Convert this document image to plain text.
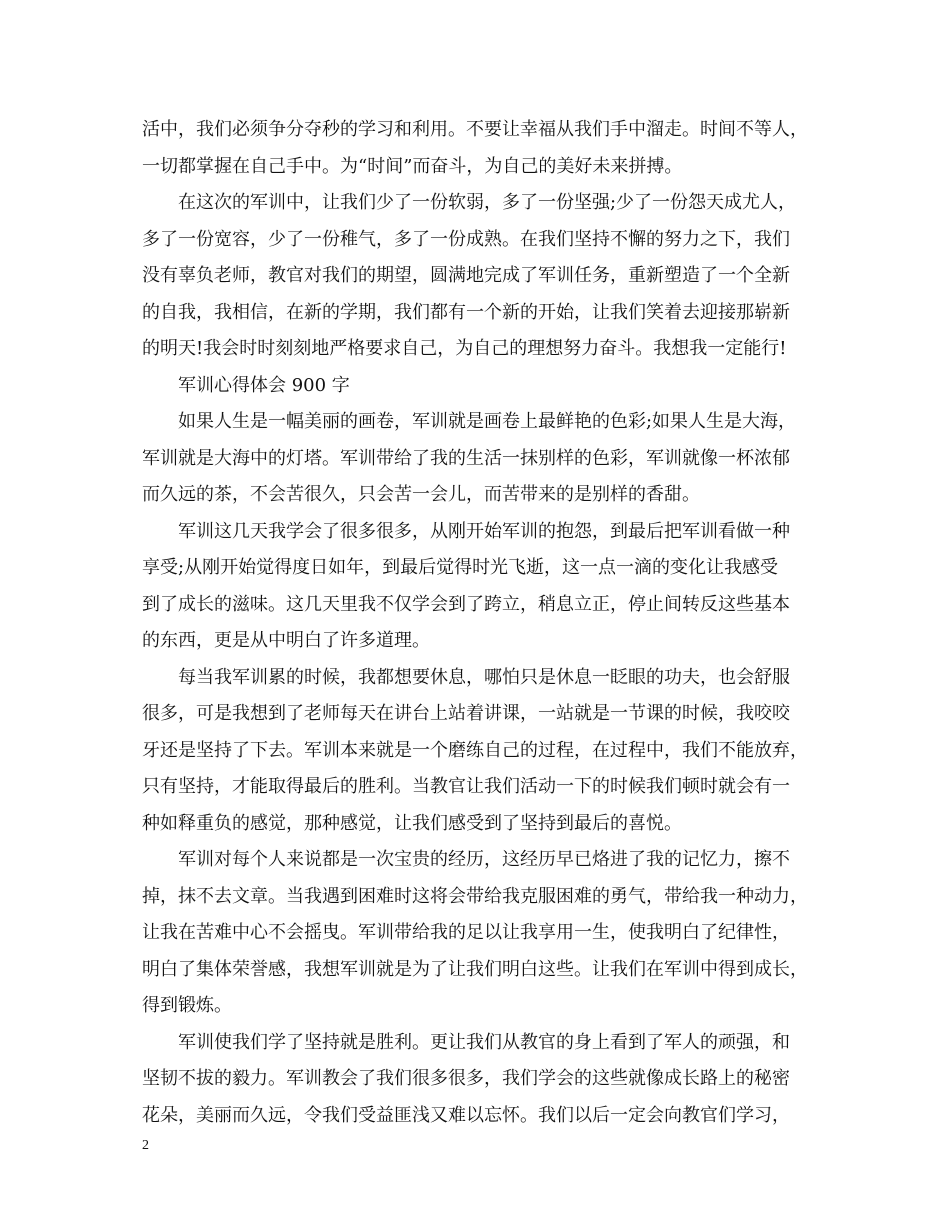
活中，我们必须争分夺秒的学习和利用。不要让幸福从我们手中溜走。时间不等人，
一切都掌握在自己手中。为“时间”而奋斗，为自己的美好未来拼搏。

在这次的军训中，让我们少了一份软弱，多了一份坚强;少了一份怨天成尤人，
多了一份宽容，少了一份稚气，多了一份成熟。在我们坚持不懈的努力之下，我们
没有辜负老师，教官对我们的期望，圆满地完成了军训任务，重新塑造了一个全新
的自我，我相信，在新的学期，我们都有一个新的开始，让我们笑着去迎接那崭新
的明天!我会时时刻刻地严格要求自己，为自己的理想努力奋斗。我想我一定能行!

军训心得体会 900 字

如果人生是一幅美丽的画卷，军训就是画卷上最鲜艳的色彩;如果人生是大海，
军训就是大海中的灯塔。军训带给了我的生活一抹别样的色彩，军训就像一杯浓郁
而久远的茶，不会苦很久，只会苦一会儿，而苦带来的是别样的香甜。

军训这几天我学会了很多很多，从刚开始军训的抱怨，到最后把军训看做一种
享受;从刚开始觉得度日如年，到最后觉得时光飞逝，这一点一滴的变化让我感受
到了成长的滋味。这几天里我不仅学会到了跨立，稍息立正，停止间转反这些基本
的东西，更是从中明白了许多道理。

每当我军训累的时候，我都想要休息，哪怕只是休息一眨眼的功夫，也会舒服
很多，可是我想到了老师每天在讲台上站着讲课，一站就是一节课的时候，我咬咬
牙还是坚持了下去。军训本来就是一个磨练自己的过程，在过程中，我们不能放弃，
只有坚持，才能取得最后的胜利。当教官让我们活动一下的时候我们顿时就会有一
种如释重负的感觉，那种感觉，让我们感受到了坚持到最后的喜悦。

军训对每个人来说都是一次宝贵的经历，这经历早已烙进了我的记忆力，擦不
掉，抹不去文章。当我遇到困难时这将会带给我克服困难的勇气，带给我一种动力，
让我在苦难中心不会摇曳。军训带给我的足以让我享用一生，使我明白了纪律性，
明白了集体荣誉感，我想军训就是为了让我们明白这些。让我们在军训中得到成长，
得到锻炼。

军训使我们学了坚持就是胜利。更让我们从教官的身上看到了军人的顽强，和
坚韧不拔的毅力。军训教会了我们很多很多，我们学会的这些就像成长路上的秘密
花朵，美丽而久远，令我们受益匪浅又难以忘怀。我们以后一定会向教官们学习，

2
